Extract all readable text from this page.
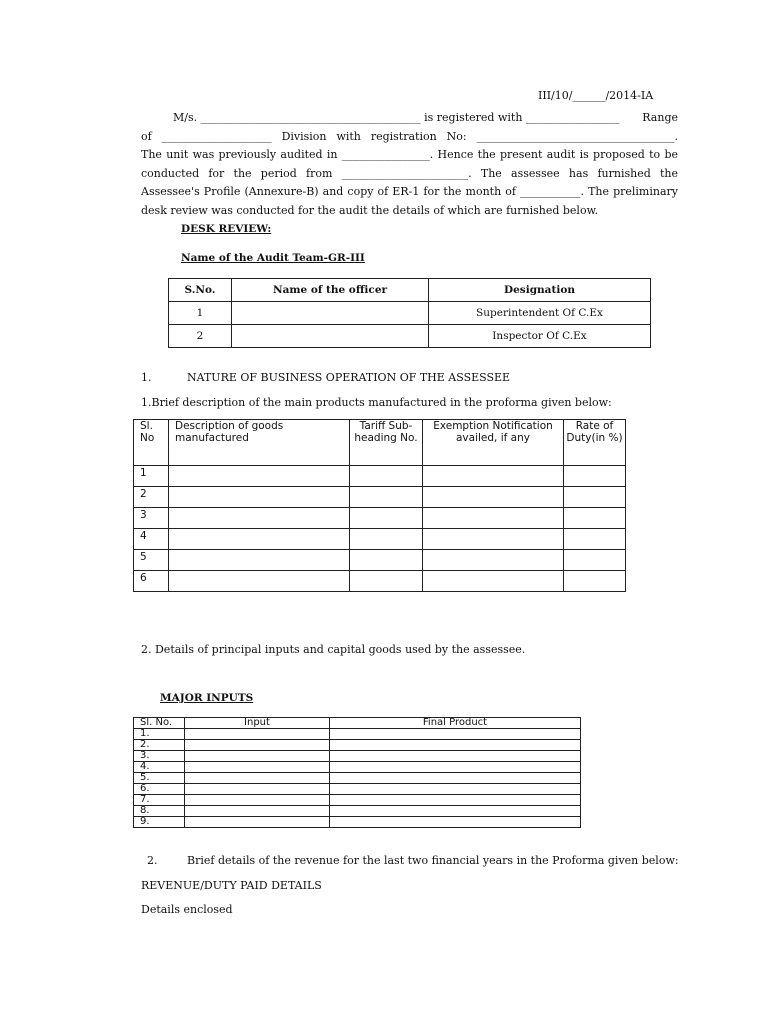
III/10/______/2014-IA
M/s. ________________________________________ is registered with _________________ Range
of ____________________ Division with registration No: ____________________________________.
The unit was previously audited in ________________. Hence the present audit is proposed to be
conducted for the period from _______________________. The assessee has furnished the
Assessee's Profile (Annexure-B) and copy of ER-1 for the month of ___________. The preliminary
desk review was conducted for the audit the details of which are furnished below.
DESK REVIEW:
Name of the Audit Team-GR-III
S.No.	Name of the officer	Designation
1		Superintendent Of C.Ex
2		Inspector Of C.Ex
1.	NATURE OF BUSINESS OPERATION OF THE ASSESSEE
1.Brief description of the main products manufactured in the proforma given below:
Sl. No	Description of goods manufactured	Tariff Sub-heading No.	Exemption Notification availed, if any	Rate of Duty(in %)
1				
2				
3				
4				
5				
6				
2. Details of principal inputs and capital goods used by the assessee.
MAJOR INPUTS
Sl. No.	Input	Final Product
1.		
2.		
3.		
4.		
5.		
6.		
7.		
8.		
9.		
2.	Brief details of the revenue for the last two financial years in the Proforma given below:
REVENUE/DUTY PAID DETAILS
Details enclosed
